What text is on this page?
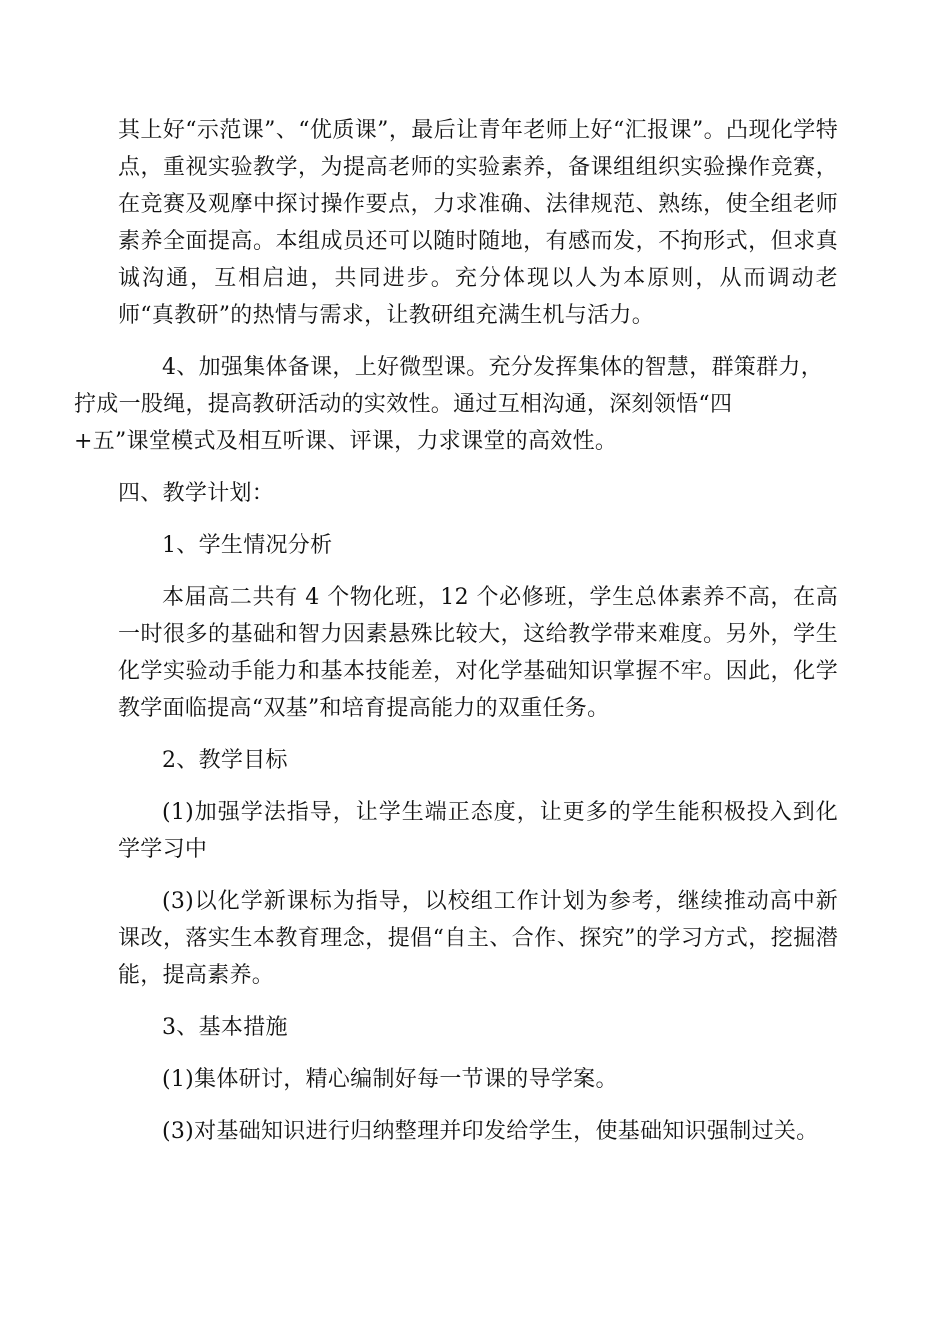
其上好“示范课”、“优质课”，最后让青年老师上好“汇报课”。凸现化学特点，重视实验教学，为提高老师的实验素养，备课组组织实验操作竞赛，在竞赛及观摩中探讨操作要点，力求准确、法律规范、熟练，使全组老师素养全面提高。本组成员还可以随时随地，有感而发，不拘形式，但求真诚沟通，互相启迪，共同进步。充分体现以人为本原则，从而调动老师“真教研”的热情与需求，让教研组充满生机与活力。

4、加强集体备课，上好微型课。充分发挥集体的智慧，群策群力，
拧成一股绳，提高教研活动的实效性。通过互相沟通，深刻领悟“四
+五”课堂模式及相互听课、评课，力求课堂的高效性。

四、教学计划：

1、学生情况分析

本届高二共有 4 个物化班，12 个必修班，学生总体素养不高，在高一时很多的基础和智力因素悬殊比较大，这给教学带来难度。另外，学生化学实验动手能力和基本技能差，对化学基础知识掌握不牢。因此，化学教学面临提高“双基”和培育提高能力的双重任务。

2、教学目标

(1)加强学法指导，让学生端正态度，让更多的学生能积极投入到化学学习中

(3)以化学新课标为指导，以校组工作计划为参考，继续推动高中新课改，落实生本教育理念，提倡“自主、合作、探究”的学习方式，挖掘潜能，提高素养。

3、基本措施

(1)集体研讨，精心编制好每一节课的导学案。

(3)对基础知识进行归纳整理并印发给学生，使基础知识强制过关。
